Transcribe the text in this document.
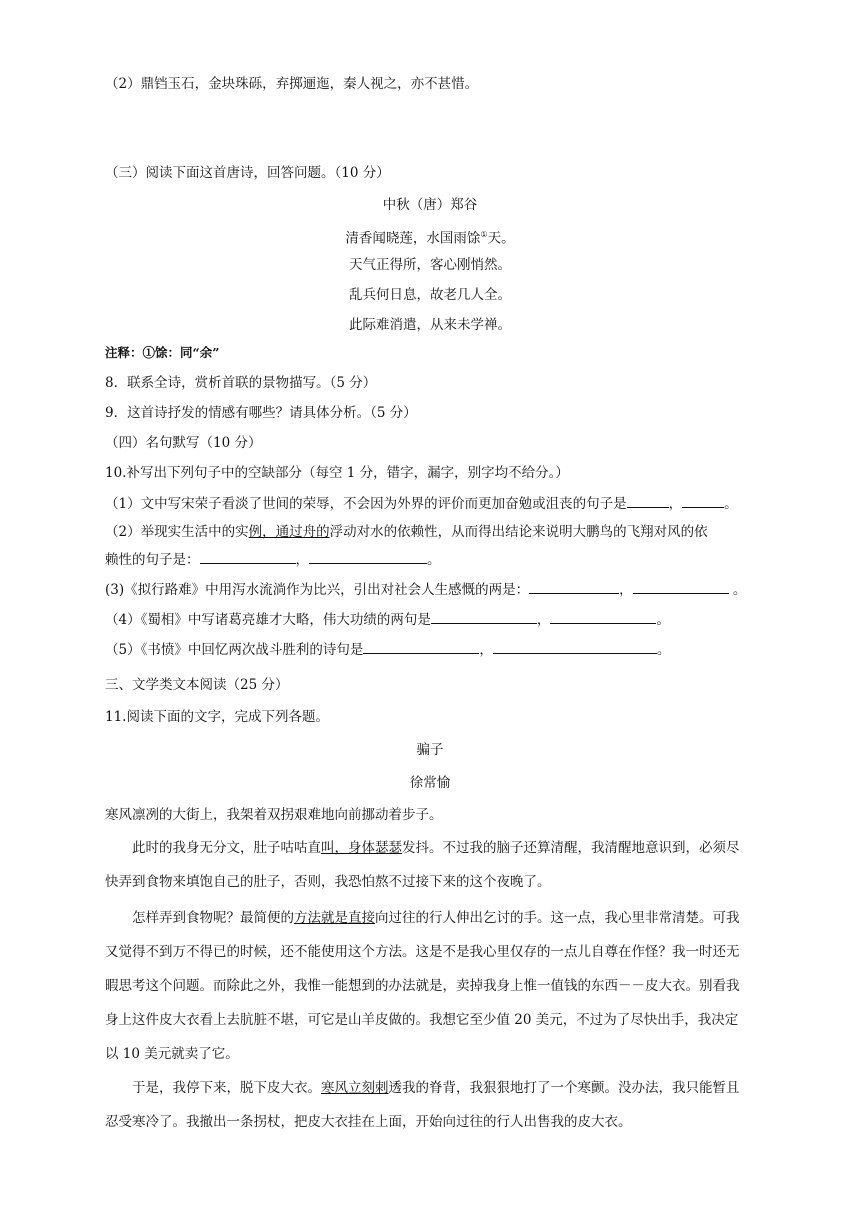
（2）鼎铛玉石，金块珠砾，弃掷逦迤，秦人视之，亦不甚惜。
（三）阅读下面这首唐诗，回答问题。（10 分）
中秋（唐）郑谷
清香闻晓莲，水国雨馀①天。
天气正得所，客心刚悄然。
乱兵何日息，故老几人全。
此际难消遣，从来未学禅。
注释：①馀：同“余”
8．联系全诗，赏析首联的景物描写。（5 分）
9．这首诗抒发的情感有哪些？请具体分析。（5 分）
（四）名句默写（10 分）
10.补写出下列句子中的空缺部分（每空 1 分，错字，漏字，别字均不给分。）
（1）文中写宋荣子看淡了世间的荣辱，不会因为外界的评价而更加奋勉或沮丧的句子是	，	。
（2）举现实生活中的实例，通过舟的浮动对水的依赖性，从而得出结论来说明大鹏鸟的飞翔对风的依
赖性的句子是：	，	。
(3)《拟行路难》中用泻水流淌作为比兴，引出对社会人生感慨的两是：	，	。
（4）《蜀相》中写诸葛亮雄才大略，伟大功绩的两句是	，	。
（5）《书愤》中回忆两次战斗胜利的诗句是	，	。
三、文学类文本阅读（25 分）
11.阅读下面的文字，完成下列各题。
骗子
徐常愉
寒风凛冽的大街上，我架着双拐艰难地向前挪动着步子。
此时的我身无分文，肚子咕咕直叫，身体瑟瑟发抖。不过我的脑子还算清醒，我清醒地意识到，必须尽
快弄到食物来填饱自己的肚子，否则，我恐怕熬不过接下来的这个夜晚了。
怎样弄到食物呢？最简便的方法就是直接向过往的行人伸出乞讨的手。这一点，我心里非常清楚。可我
又觉得不到万不得已的时候，还不能使用这个方法。这是不是我心里仅存的一点儿自尊在作怪？我一时还无
暇思考这个问题。而除此之外，我惟一能想到的办法就是，卖掉我身上惟一值钱的东西－－皮大衣。别看我
身上这件皮大衣看上去肮脏不堪，可它是山羊皮做的。我想它至少值 20 美元，不过为了尽快出手，我决定
以 10 美元就卖了它。
于是，我停下来，脱下皮大衣。寒风立刻刺透我的脊背，我狠狠地打了一个寒颤。没办法，我只能暂且
忍受寒冷了。我撤出一条拐杖，把皮大衣挂在上面，开始向过往的行人出售我的皮大衣。
